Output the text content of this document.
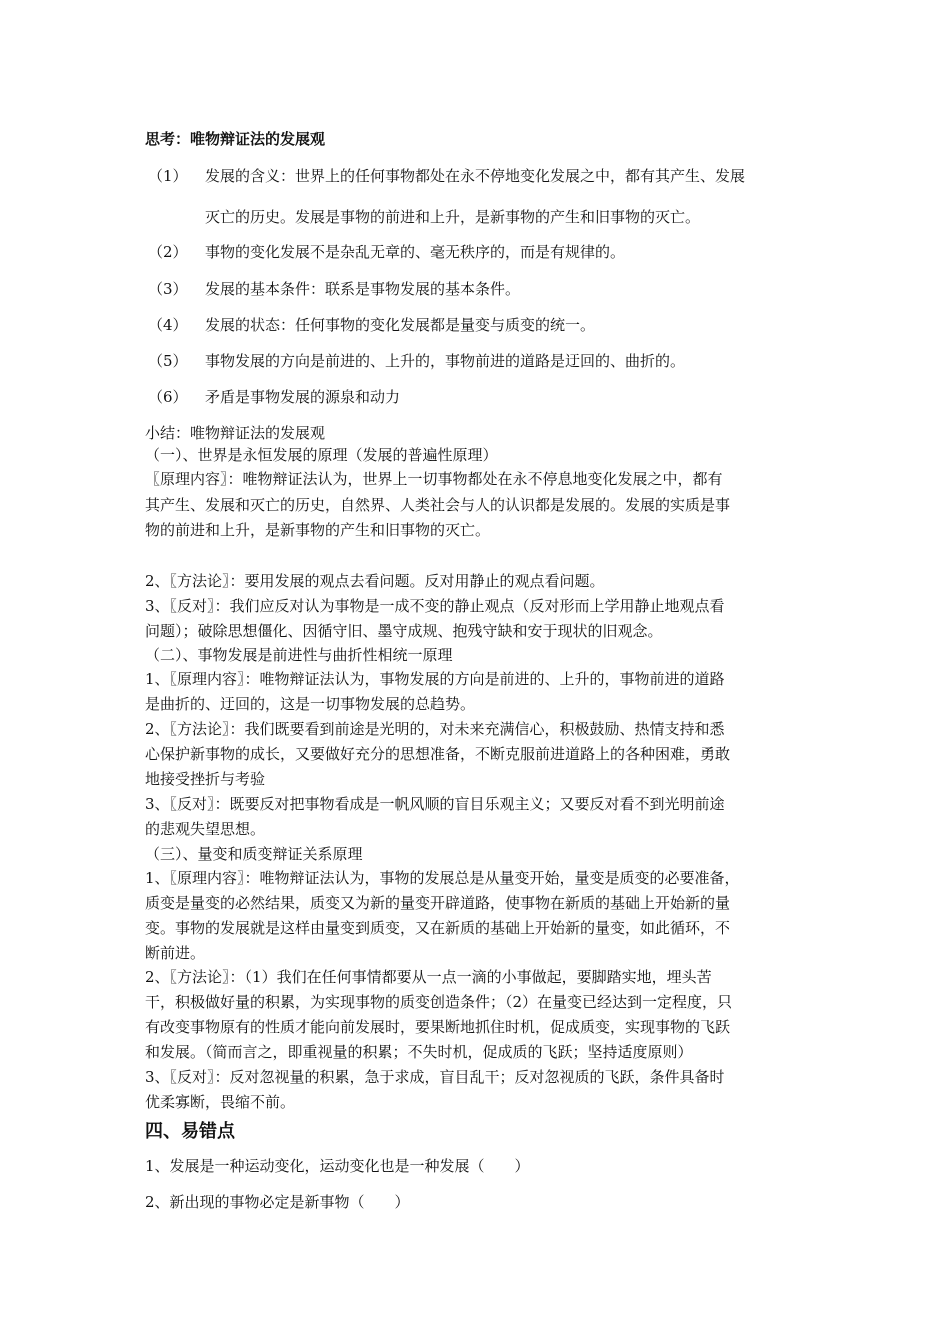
思考：唯物辩证法的发展观
（1） 发展的含义：世界上的任何事物都处在永不停地变化发展之中，都有其产生、发展
灭亡的历史。发展是事物的前进和上升，是新事物的产生和旧事物的灭亡。
（2） 事物的变化发展不是杂乱无章的、毫无秩序的，而是有规律的。
（3） 发展的基本条件：联系是事物发展的基本条件。
（4） 发展的状态：任何事物的变化发展都是量变与质变的统一。
（5） 事物发展的方向是前进的、上升的，事物前进的道路是迂回的、曲折的。
（6） 矛盾是事物发展的源泉和动力
小结：唯物辩证法的发展观
（一）、世界是永恒发展的原理（发展的普遍性原理）
〖原理内容〗：唯物辩证法认为，世界上一切事物都处在永不停息地变化发展之中，都有
其产生、发展和灭亡的历史，自然界、人类社会与人的认识都是发展的。发展的实质是事
物的前进和上升，是新事物的产生和旧事物的灭亡。
2、〖方法论〗：要用发展的观点去看问题。反对用静止的观点看问题。
3、〖反对〗：我们应反对认为事物是一成不变的静止观点（反对形而上学用静止地观点看
问题）；破除思想僵化、因循守旧、墨守成规、抱残守缺和安于现状的旧观念。
（二）、事物发展是前进性与曲折性相统一原理
1、〖原理内容〗：唯物辩证法认为，事物发展的方向是前进的、上升的，事物前进的道路
是曲折的、迂回的，这是一切事物发展的总趋势。
2、〖方法论〗：我们既要看到前途是光明的，对未来充满信心，积极鼓励、热情支持和悉
心保护新事物的成长，又要做好充分的思想准备，不断克服前进道路上的各种困难，勇敢
地接受挫折与考验
3、〖反对〗：既要反对把事物看成是一帆风顺的盲目乐观主义；又要反对看不到光明前途
的悲观失望思想。
（三）、量变和质变辩证关系原理
1、〖原理内容〗：唯物辩证法认为，事物的发展总是从量变开始，量变是质变的必要准备，
质变是量变的必然结果，质变又为新的量变开辟道路，使事物在新质的基础上开始新的量
变。事物的发展就是这样由量变到质变，又在新质的基础上开始新的量变，如此循环，不
断前进。
2、〖方法论〗：（1）我们在任何事情都要从一点一滴的小事做起，要脚踏实地，埋头苦
干，积极做好量的积累，为实现事物的质变创造条件；（2）在量变已经达到一定程度，只
有改变事物原有的性质才能向前发展时，要果断地抓住时机，促成质变，实现事物的飞跃
和发展。（简而言之，即重视量的积累；不失时机，促成质的飞跃；坚持适度原则）
3、〖反对〗：反对忽视量的积累，急于求成，盲目乱干；反对忽视质的飞跃，条件具备时
优柔寡断，畏缩不前。
四、易错点
1、发展是一种运动变化，运动变化也是一种发展（　　）
2、新出现的事物必定是新事物（　　）
